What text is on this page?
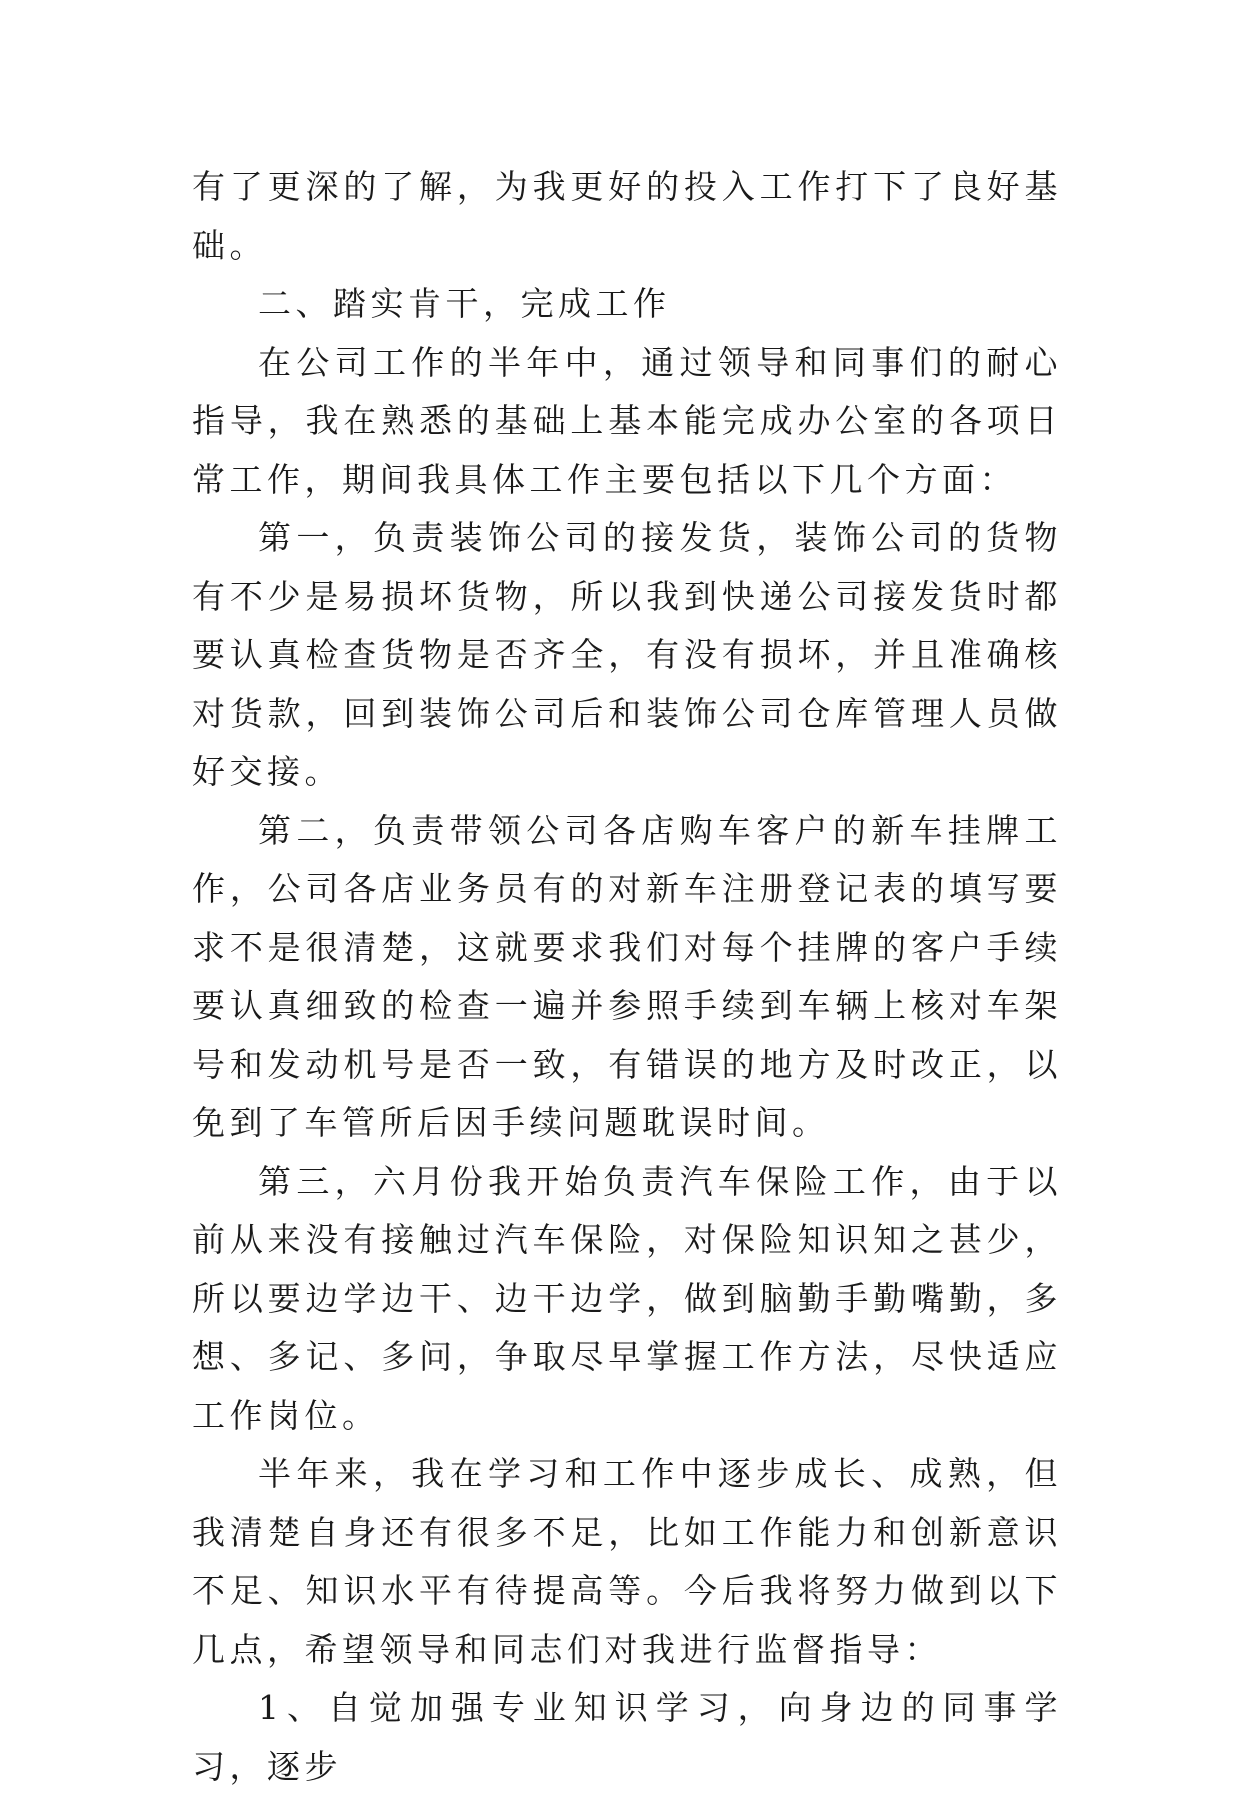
有了更深的了解，为我更好的投入工作打下了良好基础。

二、踏实肯干，完成工作

在公司工作的半年中，通过领导和同事们的耐心指导，我在熟悉的基础上基本能完成办公室的各项日常工作，期间我具体工作主要包括以下几个方面：

第一，负责装饰公司的接发货，装饰公司的货物有不少是易损坏货物，所以我到快递公司接发货时都要认真检查货物是否齐全，有没有损坏，并且准确核对货款，回到装饰公司后和装饰公司仓库管理人员做好交接。

第二，负责带领公司各店购车客户的新车挂牌工作，公司各店业务员有的对新车注册登记表的填写要求不是很清楚，这就要求我们对每个挂牌的客户手续要认真细致的检查一遍并参照手续到车辆上核对车架号和发动机号是否一致，有错误的地方及时改正，以免到了车管所后因手续问题耽误时间。

第三，六月份我开始负责汽车保险工作，由于以前从来没有接触过汽车保险，对保险知识知之甚少，所以要边学边干、边干边学，做到脑勤手勤嘴勤，多想、多记、多问，争取尽早掌握工作方法，尽快适应工作岗位。

半年来，我在学习和工作中逐步成长、成熟，但我清楚自身还有很多不足，比如工作能力和创新意识不足、知识水平有待提高等。今后我将努力做到以下几点，希望领导和同志们对我进行监督指导：

1、自觉加强专业知识学习，向身边的同事学习，逐步
